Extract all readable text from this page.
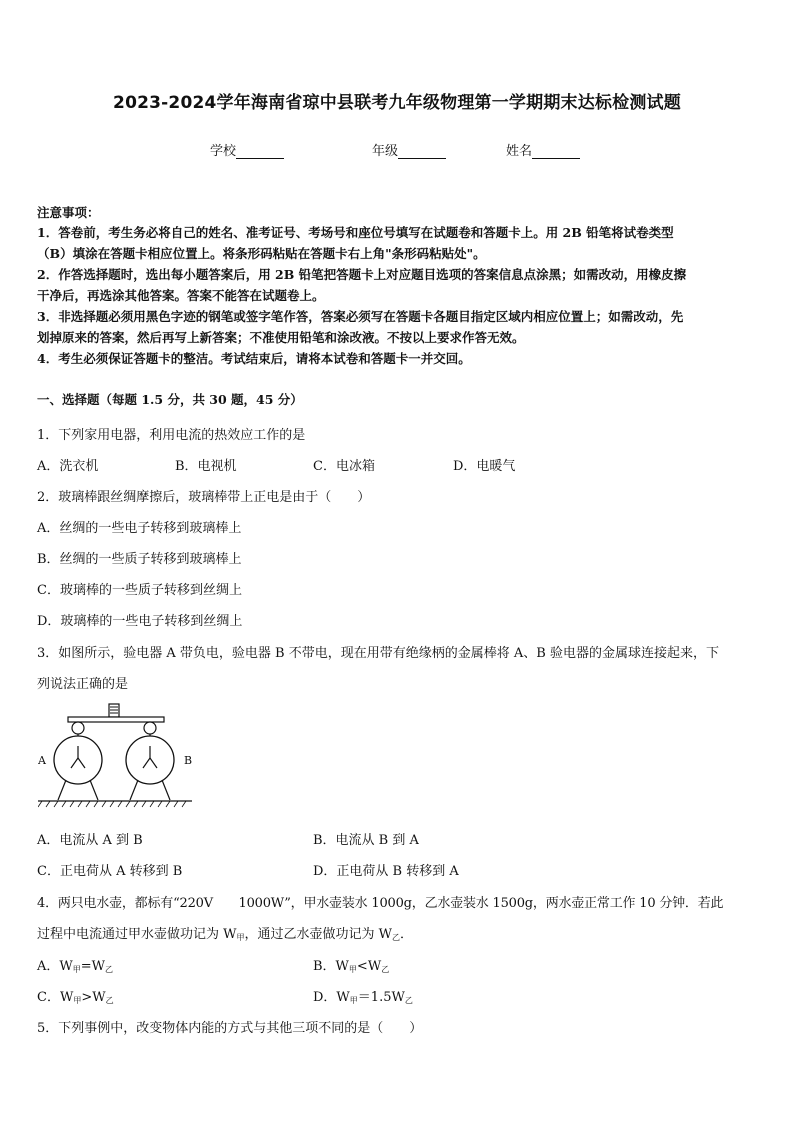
2023-2024学年海南省琼中县联考九年级物理第一学期期末达标检测试题
学校	年级	姓名
注意事项：
1．答卷前，考生务必将自己的姓名、准考证号、考场号和座位号填写在试题卷和答题卡上。用 2B 铅笔将试卷类型
（B）填涂在答题卡相应位置上。将条形码粘贴在答题卡右上角"条形码粘贴处"。
2．作答选择题时，选出每小题答案后，用 2B 铅笔把答题卡上对应题目选项的答案信息点涂黑；如需改动，用橡皮擦
干净后，再选涂其他答案。答案不能答在试题卷上。
3．非选择题必须用黑色字迹的钢笔或签字笔作答，答案必须写在答题卡各题目指定区域内相应位置上；如需改动，先
划掉原来的答案，然后再写上新答案；不准使用铅笔和涂改液。不按以上要求作答无效。
4．考生必须保证答题卡的整洁。考试结束后，请将本试卷和答题卡一并交回。
一、选择题（每题 1.5 分，共 30 题，45 分）
1．下列家用电器，利用电流的热效应工作的是
A．洗衣机	B．电视机	C．电冰箱	D．电暖气
2．玻璃棒跟丝绸摩擦后，玻璃棒带上正电是由于（　　）
A．丝绸的一些电子转移到玻璃棒上
B．丝绸的一些质子转移到玻璃棒上
C．玻璃棒的一些质子转移到丝绸上
D．玻璃棒的一些电子转移到丝绸上
3．如图所示，验电器 A 带负电，验电器 B 不带电，现在用带有绝缘柄的金属棒将 A、B 验电器的金属球连接起来，下
列说法正确的是
A	B
A．电流从 A 到 B	B．电流从 B 到 A
C．正电荷从 A 转移到 B	D．正电荷从 B 转移到 A
4．两只电水壶，都标有“220V　　1000W”，甲水壶装水 1000g，乙水壶装水 1500g，两水壶正常工作 10 分钟．若此
过程中电流通过甲水壶做功记为 $W_甲$，通过乙水壶做功记为 $W_乙$．
A．$W_甲=W_乙$	B．$W_甲<W_乙$
C．$W_甲>W_乙$	D．$W_甲=1.5W_乙$
5．下列事例中，改变物体内能的方式与其他三项不同的是（　　）
